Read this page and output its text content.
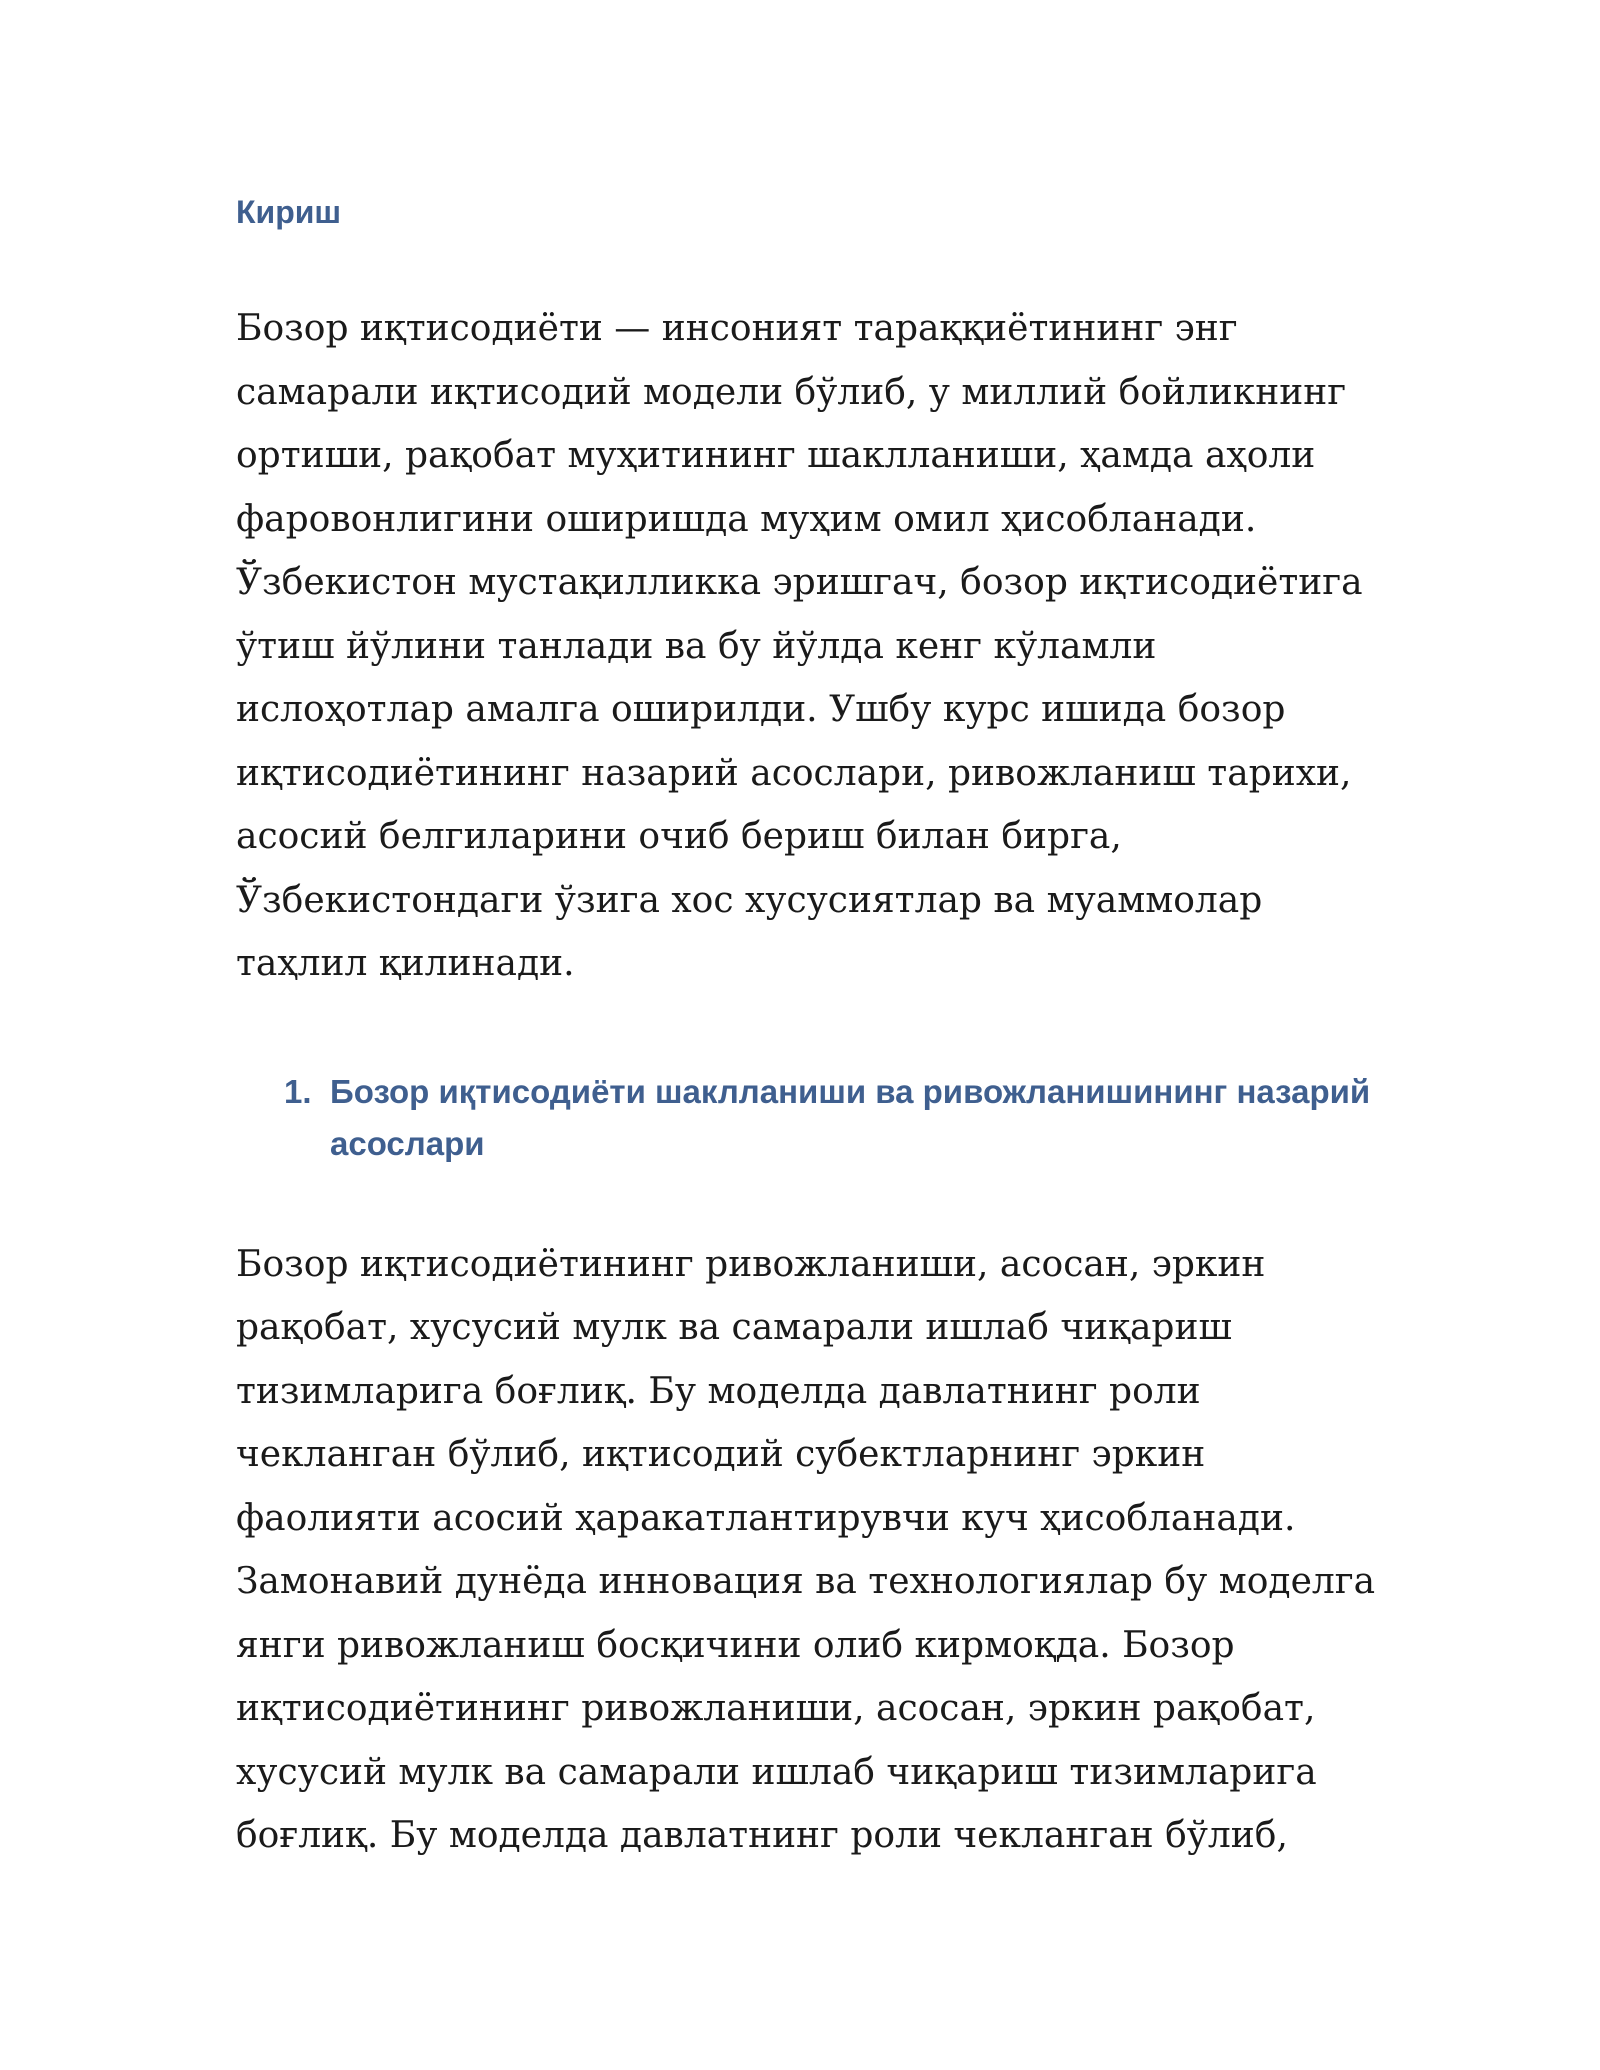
Кириш

Бозор иқтисодиёти — инсоният тараққиётининг энг самарали иқтисодий модели бўлиб, у миллий бойликнинг ортиши, рақобат муҳитининг шаклланиши, ҳамда аҳоли фаровонлигини оширишда муҳим омил ҳисобланади. Ўзбекистон мустақилликка эришгач, бозор иқтисодиётига ўтиш йўлини танлади ва бу йўлда кенг кўламли ислоҳотлар амалга оширилди. Ушбу курс ишида бозор иқтисодиётининг назарий асослари, ривожланиш тарихи, асосий белгиларини очиб бериш билан бирга, Ўзбекистондаги ўзига хос хусусиятлар ва муаммолар таҳлил қилинади.

1. Бозор иқтисодиёти шаклланиши ва ривожланишининг назарий асослари

Бозор иқтисодиётининг ривожланиши, асосан, эркин рақобат, хусусий мулк ва самарали ишлаб чиқариш тизимларига боғлиқ. Бу моделда давлатнинг роли чекланган бўлиб, иқтисодий субектларнинг эркин фаолияти асосий ҳаракатлантирувчи куч ҳисобланади. Замонавий дунёда инновация ва технологиялар бу моделга янги ривожланиш босқичини олиб кирмоқда. Бозор иқтисодиётининг ривожланиши, асосан, эркин рақобат, хусусий мулк ва самарали ишлаб чиқариш тизимларига боғлиқ. Бу моделда давлатнинг роли чекланган бўлиб,
